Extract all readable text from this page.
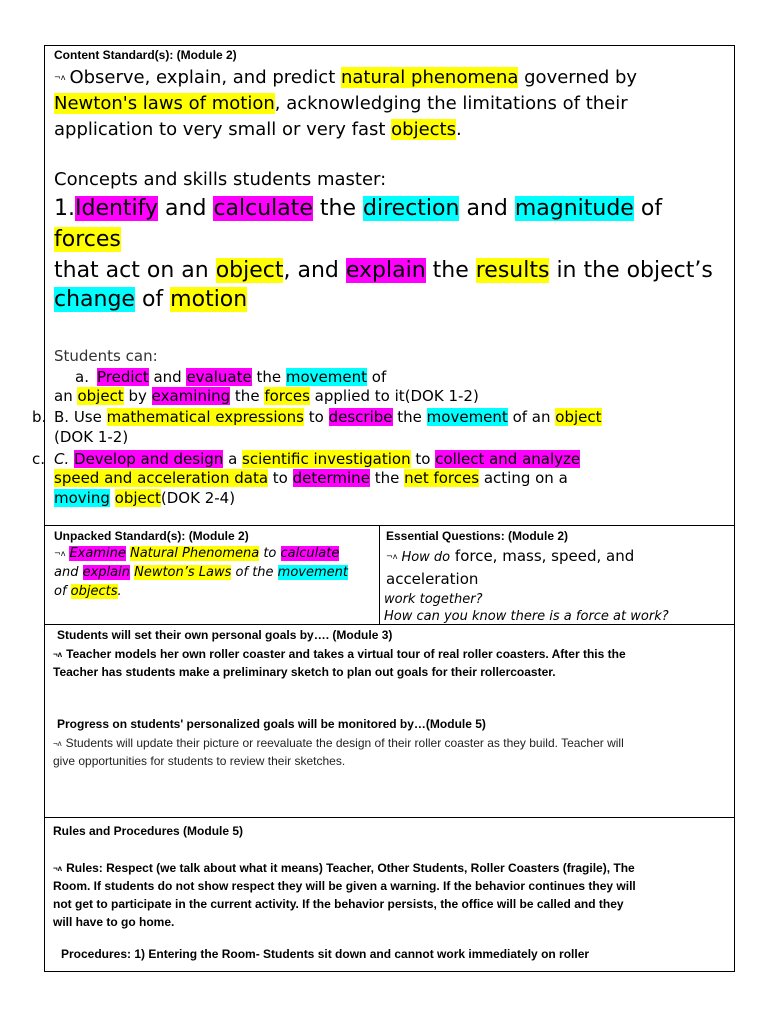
Content Standard(s): (Module 2)
¬ʌ Observe, explain, and predict natural phenomena governed by
Newton's laws of motion, acknowledging the limitations of their
application to very small or very fast objects.
Concepts and skills students master:
1.Identify and calculate the direction and magnitude of
forces
that act on an object, and explain the results in the object’s
change of motion
Students can:
a. Predict and evaluate the movement of
an object by examining the forces applied to it(DOK 1-2)
b. B. Use mathematical expressions to describe the movement of an object
(DOK 1-2)
c. C. Develop and design a scientific investigation to collect and analyze
speed and acceleration data to determine the net forces acting on a
moving object(DOK 2-4)
Unpacked Standard(s): (Module 2)
¬ʌ Examine Natural Phenomena to calculate
and explain Newton’s Laws of the movement
of objects.
Essential Questions: (Module 2)
¬ʌ How do force, mass, speed, and
acceleration
work together?
How can you know there is a force at work?
Students will set their own personal goals by…. (Module 3)
¬ʌ Teacher models her own roller coaster and takes a virtual tour of real roller coasters. After this the
Teacher has students make a preliminary sketch to plan out goals for their rollercoaster.
Progress on students' personalized goals will be monitored by…(Module 5)
¬ʌ Students will update their picture or reevaluate the design of their roller coaster as they build. Teacher will
give opportunities for students to review their sketches.
Rules and Procedures (Module 5)
¬ʌ Rules: Respect (we talk about what it means) Teacher, Other Students, Roller Coasters (fragile), The
Room. If students do not show respect they will be given a warning. If the behavior continues they will
not get to participate in the current activity. If the behavior persists, the office will be called and they
will have to go home.
Procedures: 1) Entering the Room- Students sit down and cannot work immediately on roller
